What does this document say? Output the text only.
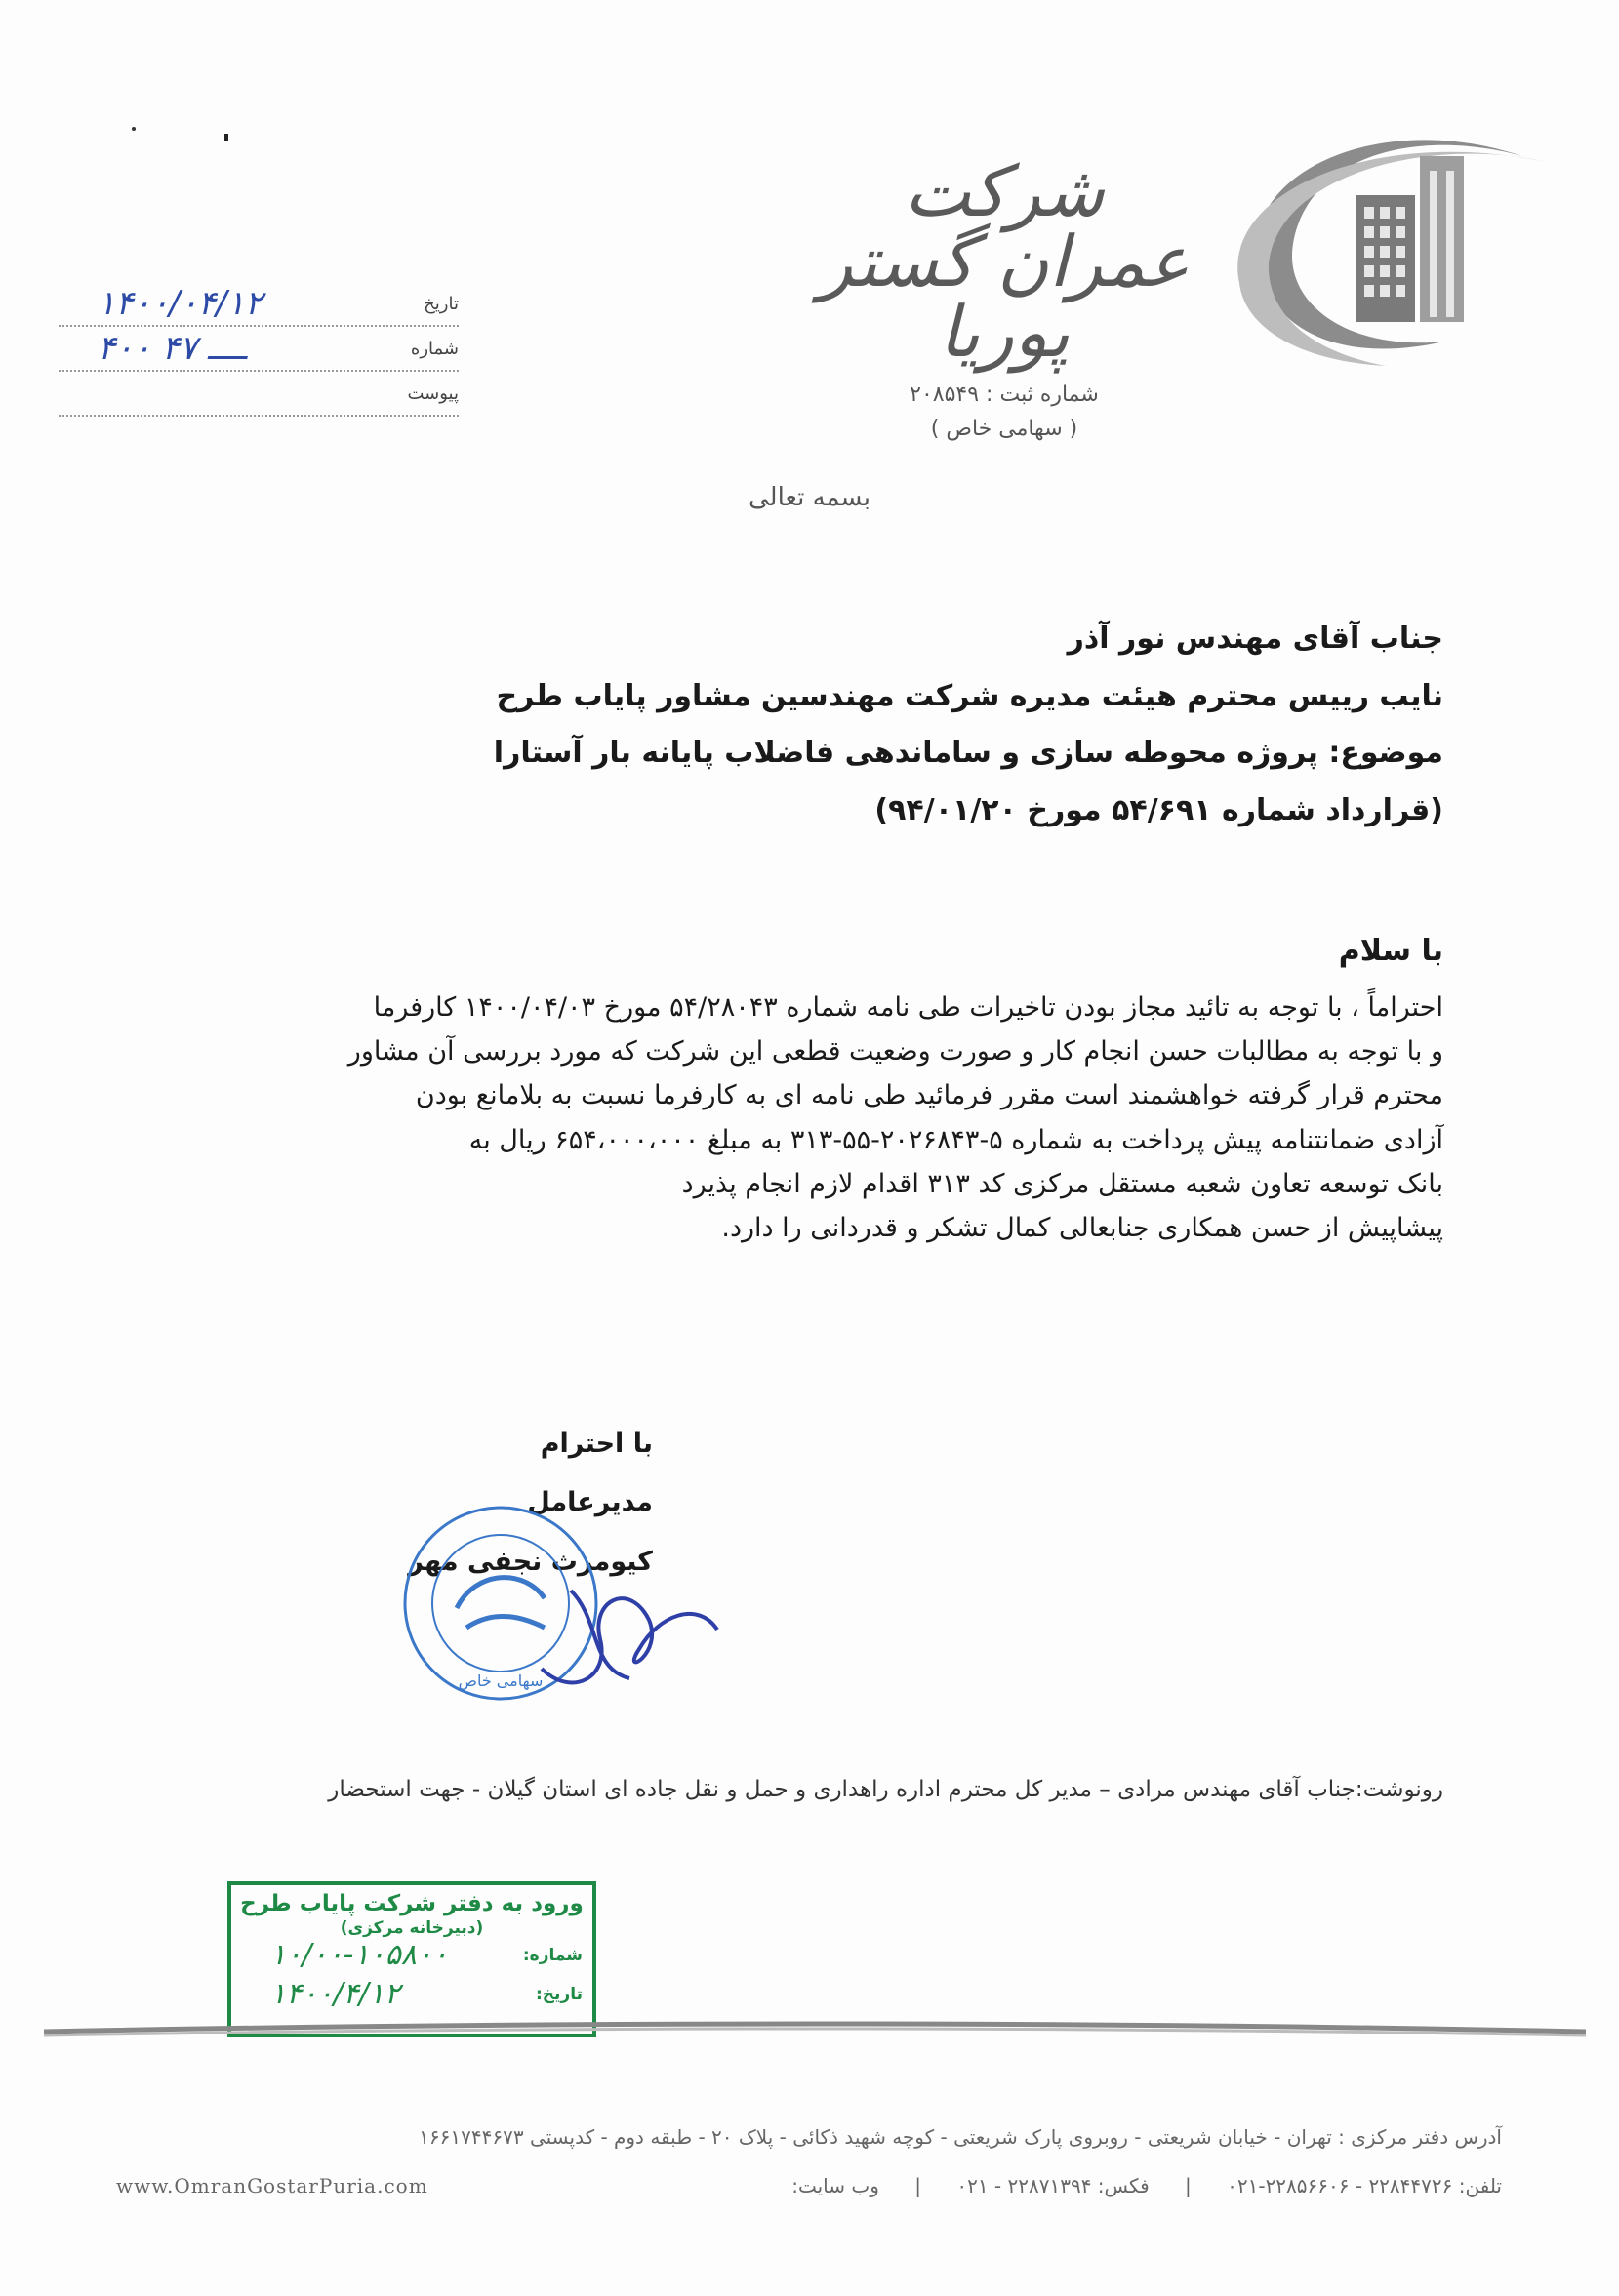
شرکت عمران گستر پوریا
شماره ثبت : ۲۰۸۵۴۹
( سهامی خاص )
تاریخ
۱۴۰۰/۰۴/۱۲
شماره
۴۰۰ ــــ ۴۷
پیوست
بسمه تعالی
جناب آقای مهندس نور آذر
نایب رییس محترم هیئت مدیره شرکت مهندسین مشاور پایاب طرح
موضوع: پروژه محوطه سازی و ساماندهی فاضلاب پایانه بار آستارا
(قرارداد شماره ۵۴/۶۹۱ مورخ ۹۴/۰۱/۲۰)
با سلام
احتراماً ، با توجه به تائید مجاز بودن تاخیرات طی نامه شماره ۵۴/۲۸۰۴۳ مورخ ۱۴۰۰/۰۴/۰۳ کارفرما
و با توجه به مطالبات حسن انجام کار و صورت وضعیت قطعی این شرکت که مورد بررسی آن مشاور
محترم قرار گرفته خواهشمند است مقرر فرمائید طی نامه ای به کارفرما نسبت به بلامانع بودن
آزادی ضمانتنامه پیش پرداخت به شماره ۵-۲۰۲۶۸۴۳-۵۵-۳۱۳ به مبلغ ۶۵۴،۰۰۰،۰۰۰ ریال به
بانک توسعه تعاون شعبه مستقل مرکزی کد ۳۱۳ اقدام لازم انجام پذیرد
پیشاپیش از حسن همکاری جنابعالی کمال تشکر و قدردانی را دارد.
با احترام
مدیرعامل
کیومرث نجفی مهر
سهامی خاص
رونوشت:جناب آقای مهندس مرادی – مدیر کل محترم اداره راهداری و حمل و نقل جاده ای استان گیلان - جهت استحضار
ورود به دفتر شرکت پایاب طرح
(دبیرخانه مرکزی)
شماره:
۱۰/۰۰-۱۰۵۸۰۰
تاریخ:
۱۴۰۰/۴/۱۲
آدرس دفتر مرکزی : تهران - خیابان شریعتی - روبروی پارک شریعتی - کوچه شهید ذکائی - پلاک ۲۰ - طبقه دوم - کدپستی ۱۶۶۱۷۴۴۶۷۳
تلفن: ۲۲۸۴۴۷۲۶ - ۲۲۸۵۶۶۰۶-۰۲۱ | فکس: ۲۲۸۷۱۳۹۴ - ۰۲۱ | وب سایت:
www.OmranGostarPuria.com
